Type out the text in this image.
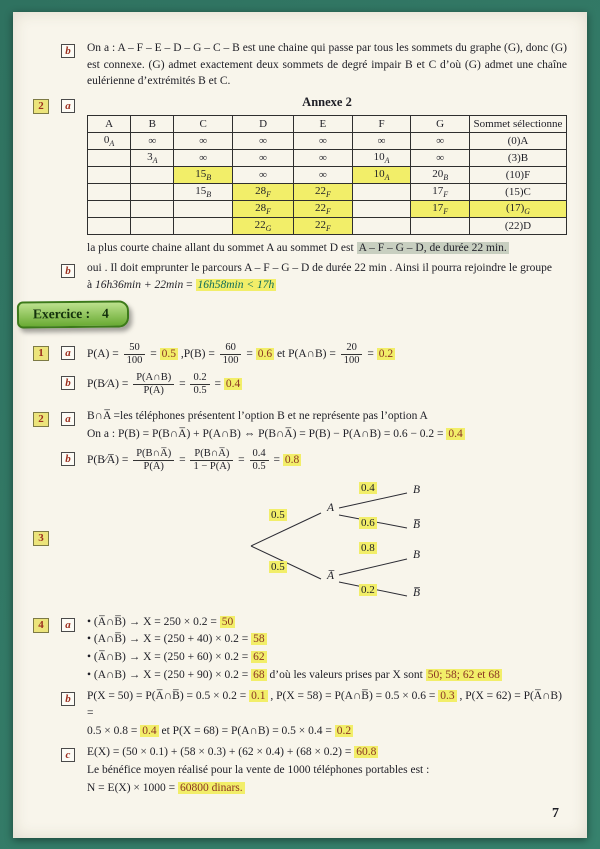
b	On a : A – F – E – D – G – C – B est une chaine qui passe par tous les sommets du graphe (G), donc (G) est connexe. (G) admet exactement deux sommets de degré impair B et C d’où (G) admet une chaîne eulérienne d’extrémités B et C.
2	a	Annexe 2
A	B	C	D	E	F	G	Sommet sélectionne
$0_A$	∞	∞	∞	∞	∞	∞	(0)A
	$3_A$	∞	∞	∞	$10_A$	∞	(3)B
		$15_B$	∞	∞	$10_A$	$20_B$	(10)F
		$15_B$	$28_F$	$22_F$		$17_F$	(15)C
			$28_F$	$22_F$		$17_F$	$(17)_G$
			$22_G$	$22_F$			(22)D
la plus courte chaine allant du sommet A au sommet D est A – F – G – D, de durée 22 min.
b	oui . Il doit emprunter le parcours A – F – G – D de durée 22 min . Ainsi il pourra rejoindre le groupe
à 16h36min + 22min = 16h58min < 17h
Exercice : 4
1	a	$P(A) = \frac{50}{100} = 0.5$ $,P(B) = \frac{60}{100} = 0.6$ et P(A∩B) = $\frac{20}{100} = 0.2$
b	P(B∕A) = $\frac{P(A\cap B)}{P(A)} = \frac{0.2}{0.5} = 0.4$
2	a	B∩A̅ =les téléphones présentent l’option B et ne représente pas l’option A
On a : P(B) = P(B∩A̅) + P(A∩B) ⇔ P(B∩A̅) = P(B) − P(A∩B) = 0.6 − 0.2 = 0.4
b	P(B∕A̅) = $\frac{P(B\cap A̅)}{P(A̅)} = \frac{P(B\cap A̅)}{1 - P(A)} = \frac{0.4}{0.5} = 0.8$
3
0.5
0.5
A
A̅
0.4
0.6
0.8
0.2
B
B̅
B
B̅
4	a	• (A̅∩B̅) → X = 250 × 0.2 = 50
• (A∩B̅) → X = (250 + 40) × 0.2 = 58
• (A̅∩B) → X = (250 + 60) × 0.2 = 62
• (A∩B) → X = (250 + 90) × 0.2 = 68 d’où les valeurs prises par X sont 50; 58; 62 et 68
b	P(X = 50) = P(A̅∩B̅) = 0.5 × 0.2 = 0.1 , P(X = 58) = P(A∩B̅) = 0.5 × 0.6 = 0.3 , P(X = 62) = P(A̅∩B) =
0.5 × 0.8 = 0.4 et P(X = 68) = P(A∩B) = 0.5 × 0.4 = 0.2
c	E(X) = (50 × 0.1) + (58 × 0.3) + (62 × 0.4) + (68 × 0.2) = 60.8
Le bénéfice moyen réalisé pour la vente de 1000 téléphones portables est :
N = E(X) × 1000 = 60800 dinars.
7
